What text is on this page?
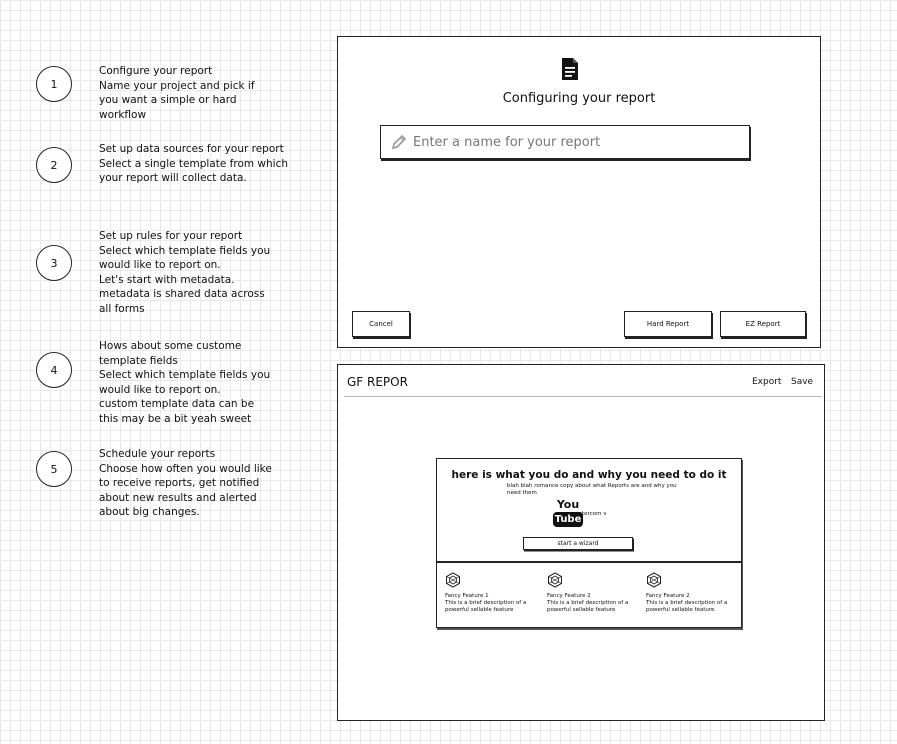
1
Configure your report
Name your project and pick if
you want a simple or hard
workflow
2
Set up data sources for your report
Select a single template from which
your report will collect data.
3
Set up rules for your report
Select which template fields you
would like to report on.
Let's start with metadata.
metadata is shared data across
all forms
4
Hows about some custome
template fields
Select which template fields you
would like to report on.
custom template data can be
this may be a bit yeah sweet
5
Schedule your reports
Choose how often you would like
to receive reports, get notified
about new results and alerted
about big changes.
Configuring your report
Enter a name for your report
Cancel	Hard Report	EZ Report
GF REPOR	Export Save
here is what you do and why you need to do it
blah blah romance copy about what Reports are and why you
need them
You
Tube
intercom v
start a wizard
Fancy Feature 1
This is a brief description of a
powerful sellable feature
Fancy Feature 2
This is a brief description of a
powerful sellable feature
Fancy Feature 2
This is a brief description of a
powerful sellable feature
